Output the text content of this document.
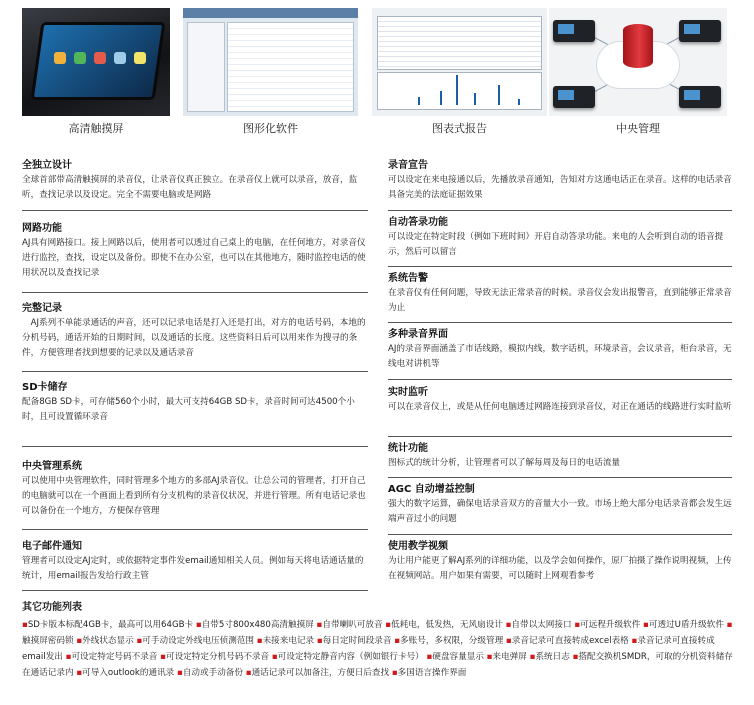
高清触摸屏	图形化软件	图表式报告	中央管理
全独立设计

全球首部带高清触摸屏的录音仪，让录音仪真正独立。在录音仪上就可以录音，放音，监听，查找记录以及设定。完全不需要电脑或是网路

网路功能

AJ具有网路接口。接上网路以后，使用者可以透过自己桌上的电脑，在任何地方，对录音仪进行监控，查找，设定以及备份。即使不在办公室，也可以在其他地方，随时监控电话的使用状况以及查找记录

完整记录

　AJ系列不单能录通话的声音，还可以记录电话是打入还是打出，对方的电话号码，本地的分机号码，通话开始的日期时间，以及通话的长度。这些资料日后可以用来作为搜寻的条件，方便管理者找到想要的记录以及通话录音

SD卡储存

配备8GB SD卡，可存储560个小时，最大可支持64GB SD卡，录音时间可达4500个小时，且可设置循环录音

中央管理系统

可以使用中央管理软件，同时管理多个地方的多部AJ录音仪。让总公司的管理者，打开自己的电脑就可以在一个画面上看到所有分支机构的录音仪状况，并进行管理。所有电话记录也可以备份在一个地方，方便保存管理

电子邮件通知

管理者可以设定AJ定时，或依据特定事件发email通知相关人员。例如每天将电话通话量的统计，用email报告发给行政主管

录音宣告

可以设定在来电接通以后，先播放录音通知，告知对方这通电话正在录音。这样的电话录音具备完美的法庭证据效果

自动答录功能

可以设定在特定时段（例如下班时间）开启自动答录功能。来电的人会听到自动的语音提示，然后可以留言

系统告警

在录音仪有任何问题，导致无法正常录音的时候。录音仪会发出报警音，直到能够正常录音为止

多种录音界面

AJ的录音界面涵盖了市话线路，模拟内线，数字话机，环境录音，会议录音，柜台录音，无线电对讲机等

实时监听

可以在录音仪上，或是从任何电脑透过网路连接到录音仪，对正在通话的线路进行实时监听

统计功能

图标式的统计分析，让管理者可以了解每周及每日的电话流量

AGC 自动增益控制

强大的数字运算，确保电话录音双方的音量大小一致。市场上绝大部分电话录音都会发生远端声音过小的问题

使用教学视频

为让用户能更了解AJ系列的详细功能，以及学会如何操作，原厂拍摄了操作说明视频，上传在视频网站。用户如果有需要，可以随时上网观看参考

其它功能列表

▪SD卡版本标配4GB卡，最高可以用64GB卡 ▪自带5寸800x480高清触摸屏 ▪自带喇叭可放音 ▪低耗电，低发热，无风扇设计 ▪自带以太网接口 ▪可远程升级软件 ▪可透过U盾升级软件 ▪触摸屏密码锁 ▪外线状态显示 ▪可手动设定外线电压侦测范围 ▪未接来电记录 ▪每日定时间段录音 ▪多账号，多权限，分级管理 ▪录音记录可直接转成excel表格 ▪录音记录可直接转成email发出 ▪可设定特定号码不录音 ▪可设定特定分机号码不录音 ▪可设定特定静音内容（例如银行卡号） ▪硬盘容量显示 ▪来电弹屏 ▪系统日志 ▪搭配交换机SMDR，可取的分机资料储存在通话记录内 ▪可导入outlook的通讯录 ▪自动或手动备份 ▪通话记录可以加备注，方便日后查找 ▪多国语言操作界面
